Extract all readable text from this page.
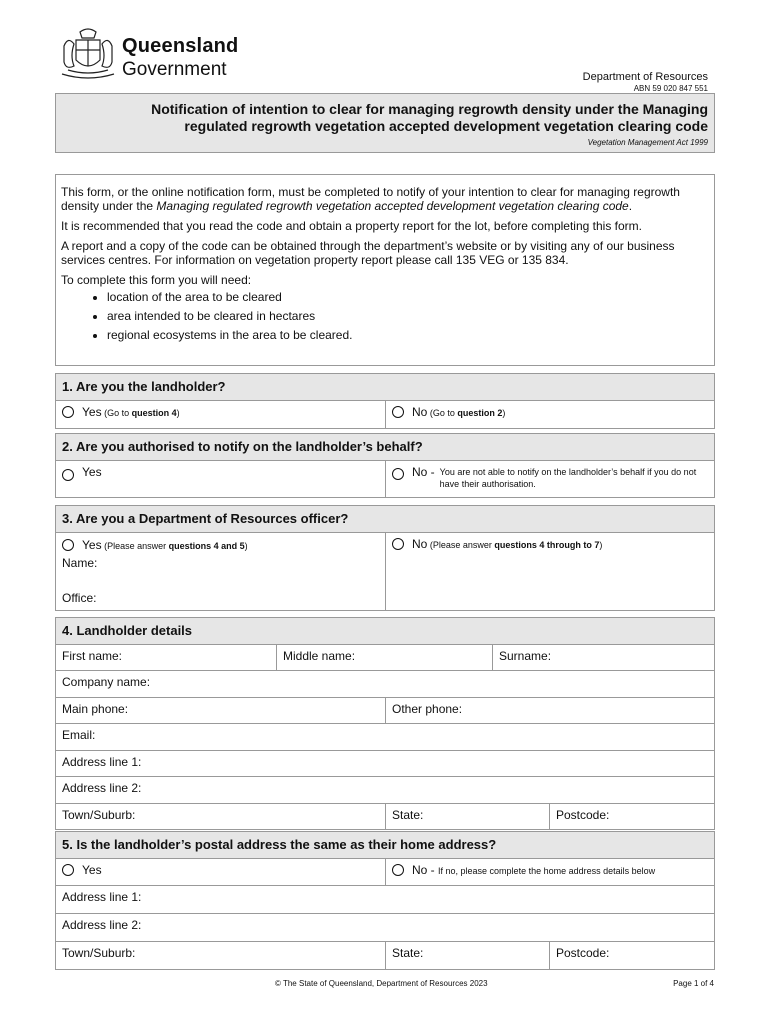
Queensland
Government	Department of Resources
ABN 59 020 847 551
Notification of intention to clear for managing regrowth density under the Managing
regulated regrowth vegetation accepted development vegetation clearing code
Vegetation Management Act 1999

This form, or the online notification form, must be completed to notify of your intention to clear for managing regrowth density under the Managing regulated regrowth vegetation accepted development vegetation clearing code.

It is recommended that you read the code and obtain a property report for the lot, before completing this form.

A report and a copy of the code can be obtained through the department’s website or by visiting any of our business services centres. For information on vegetation property report please call 135 VEG or 135 834.

To complete this form you will need:

• location of the area to be cleared
• area intended to be cleared in hectares
• regional ecosystems in the area to be cleared.
1. Are you the landholder?
Yes (Go to question 4)	No (Go to question 2)
2. Are you authorised to notify on the landholder’s behalf?
Yes	No - You are not able to notify on the landholder’s behalf if you do not have their authorisation.
3. Are you a Department of Resources officer?
Yes (Please answer questions 4 and 5)
Name:
Office:
No (Please answer questions 4 through to 7)
4. Landholder details
First name:	Middle name:	Surname:
Company name:
Main phone:	Other phone:
Email:
Address line 1:
Address line 2:
Town/Suburb:	State:	Postcode:
5. Is the landholder’s postal address the same as their home address?
Yes	No - If no, please complete the home address details below
Address line 1:
Address line 2:
Town/Suburb:	State:	Postcode:
© The State of Queensland, Department of Resources 2023	Page 1 of 4
